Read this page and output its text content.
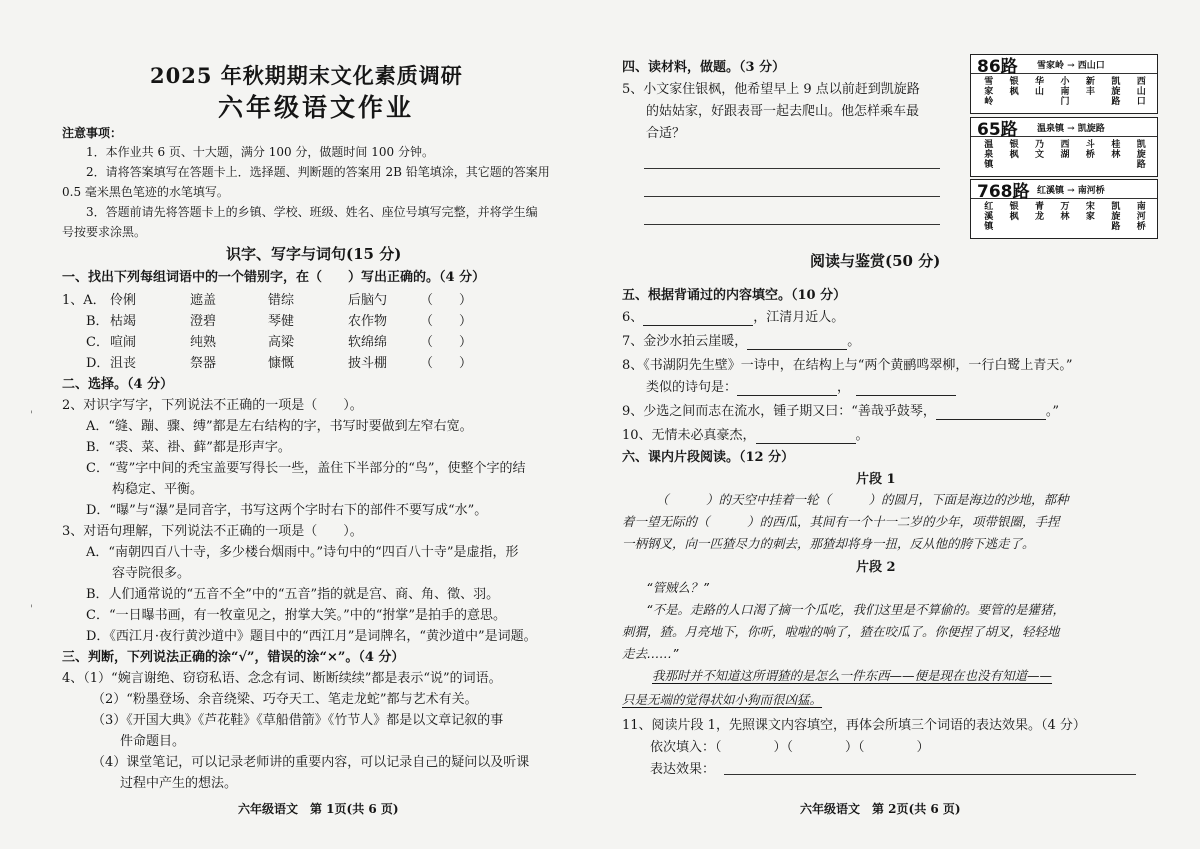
2025 年秋期期末文化素质调研
六年级语文作业
注意事项：
1．本作业共 6 页、十大题，满分 100 分，做题时间 100 分钟。
2．请将答案填写在答题卡上．选择题、判断题的答案用 2B 铅笔填涂，其它题的答案用
0.5 毫米黑色笔迹的水笔填写。
3．答题前请先将答题卡上的乡镇、学校、班级、姓名、座位号填写完整，并将学生编
号按要求涂黑。
识字、写字与词句(15 分)
一、找出下列每组词语中的一个错别字，在（　　）写出正确的。（4 分）
1、A． 伶俐	遮盖	错综	后脑勺	（　　）
B． 枯竭	澄碧	琴健	农作物	（　　）
C． 喧闹	纯熟	高梁	软绵绵	（　　）
D． 沮丧	祭器	慷慨	披斗棚	（　　）
二、选择。（4 分）
2、对识字写字，下列说法不正确的一项是（　　）。
A．“缝、蹦、骤、缚”都是左右结构的字，书写时要做到左窄右宽。
B．“裘、菜、褂、藓”都是形声字。
C．“莺”字中间的秃宝盖要写得长一些，盖住下半部分的“鸟”，使整个字的结
构稳定、平衡。
D．“曝”与“瀑”是同音字，书写这两个字时右下的部件不要写成“水”。
3、对语句理解，下列说法不正确的一项是（　　）。
A．“南朝四百八十寺，多少楼台烟雨中。”诗句中的“四百八十寺”是虚指，形
容寺院很多。
B．人们通常说的“五音不全”中的“五音”指的就是宫、商、角、徵、羽。
C．“一日曝书画，有一牧童见之，拊掌大笑。”中的“拊掌”是拍手的意思。
D．《西江月·夜行黄沙道中》题目中的“西江月”是词牌名，“黄沙道中”是词题。
三、判断，下列说法正确的涂“√”，错误的涂“×”。（4 分）
4、（1）“婉言谢绝、窃窃私语、念念有词、断断续续”都是表示“说”的词语。
（2）“粉墨登场、余音绕梁、巧夺天工、笔走龙蛇”都与艺术有关。
（3）《开国大典》《芦花鞋》《草船借箭》《竹节人》都是以文章记叙的事
件命题目。
（4）课堂笔记，可以记录老师讲的重要内容，可以记录自己的疑问以及听课
过程中产生的想法。
六年级语文　第 1页(共 6 页)
'
'
四、读材料，做题。（3 分）
5、小文家住银枫，他希望早上 9 点以前赶到凯旋路
的姑姑家，好跟表哥一起去爬山。他怎样乘车最
合适？
阅读与鉴赏(50 分)
五、根据背诵过的内容填空。（10 分）
6、	，江清月近人。
7、金沙水拍云崖暖，	。
8、《书湖阴先生壁》一诗中，在结构上与“两个黄鹂鸣翠柳，一行白鹭上青天。”
类似的诗句是：	，
9、少选之间而志在流水，锺子期又曰：“善哉乎鼓琴，	。”
10、无情未必真豪杰，	。
六、课内片段阅读。（12 分）
片段 1
（　　　）的天空中挂着一轮（　　　）的圆月，下面是海边的沙地，都种
着一望无际的（　　　）的西瓜，其间有一个十一二岁的少年，项带银圈，手捏
一柄钢叉，向一匹猹尽力的刺去，那猹却将身一扭，反从他的胯下逃走了。
片段 2
“管贼么？”
“不是。走路的人口渴了摘一个瓜吃，我们这里是不算偷的。要管的是獾猪，
刺猬，猹。月亮地下，你听，啦啦的响了，猹在咬瓜了。你便捏了胡叉，轻轻地
走去……”
我那时并不知道这所谓猹的是怎么一件东西——便是现在也没有知道——
只是无端的觉得状如小狗而很凶猛。
11、阅读片段 1，先照课文内容填空，再体会所填三个词语的表达效果。（4 分）
依次填入：（　　　　）（　　　　）（　　　　）
表达效果：
六年级语文　第 2页(共 6 页)
86路	雪家岭 → 西山口
雪家岭 银枫 华山 小南门 新丰 凯旋路 西山口
65路	温泉镇 → 凯旋路
温泉镇 银枫 乃文 西湖 斗桥 桂林 凯旋路
768路 红溪镇 → 南河桥
红溪镇 银枫 青龙 万林 宋家 凯旋路 南河桥
